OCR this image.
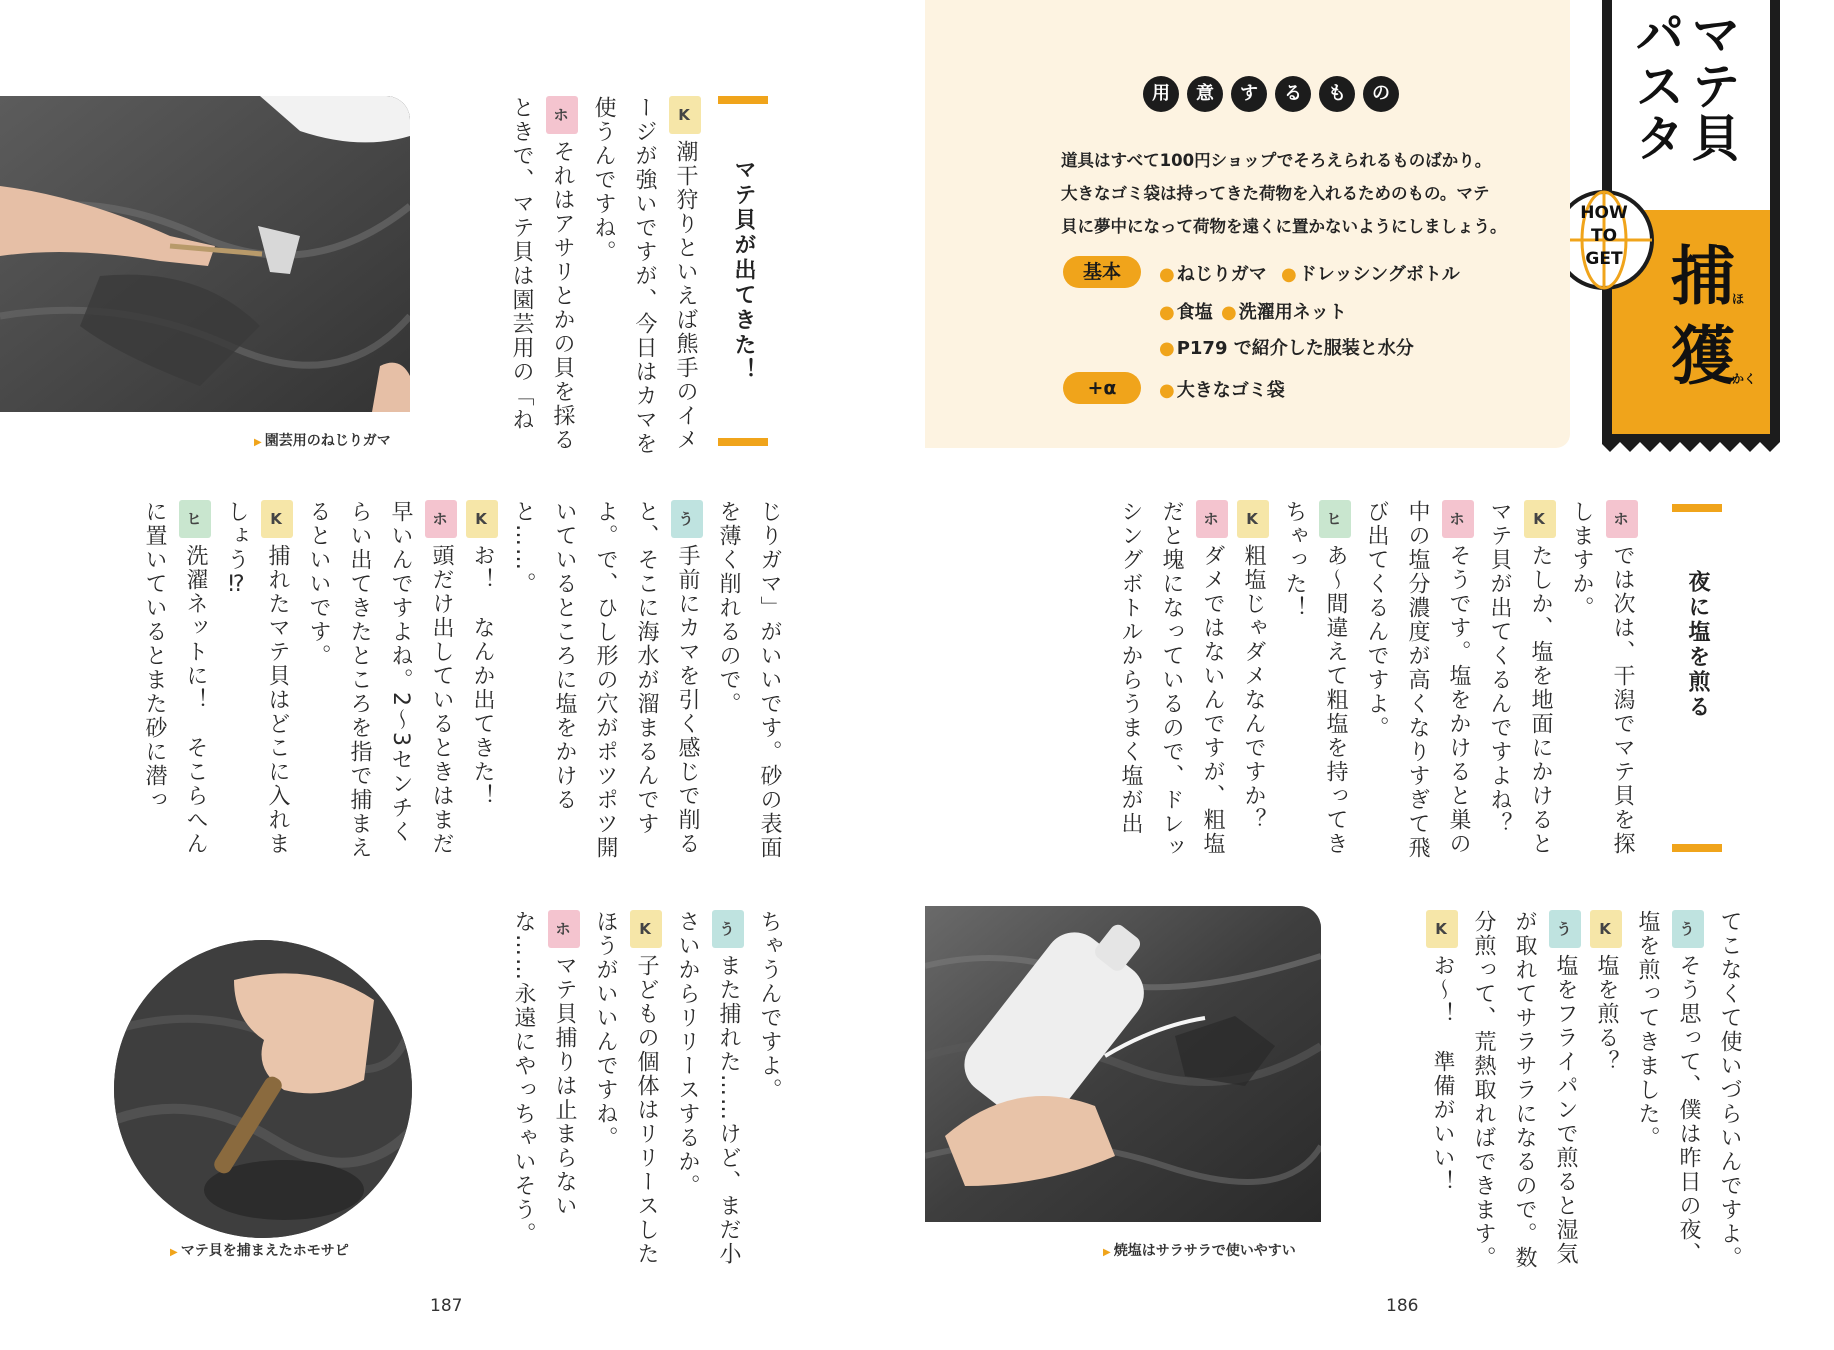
マテ貝
パスタ
捕
ほ
獲
かく
HOW
TO
GET
用 意 す る も の
道具はすべて100円ショップでそろえられるものばかり。
大きなゴミ袋は持ってきた荷物を入れるためのもの。マテ
貝に夢中になって荷物を遠くに置かないようにしましょう。
基本	● ねじりガマ ● ドレッシングボトル
● 食塩 ● 洗濯用ネット
● P179 で紹介した服装と水分
+α	● 大きなゴミ袋
夜に塩を煎る
ホでは次は、干潟でマテ貝を探しますか。
Kたしか、塩を地面にかけるとマテ貝が出てくるんですよね？
ホそうです。塩をかけると巣の中の塩分濃度が高くなりすぎて飛び出てくるんですよ。
ヒあ～間違えて粗塩を持ってきちゃった！
K粗塩じゃダメなんですか？
ホダメではないんですが、粗塩だと塊になっているので、ドレッシングボトルからうまく塩が出
てこなくて使いづらいんですよ。
うそう思って、僕は昨日の夜、塩を煎ってきました。
K塩を煎る？
う塩をフライパンで煎ると湿気が取れてサラサラになるので。数分煎って、荒熱取ればできます。
Kお～！　準備がいい！
▶ 焼塩はサラサラで使いやすい
186
▶ 園芸用のねじりガマ
マテ貝が出てきた！
K潮干狩りといえば熊手のイメージが強いですが、今日はカマを使うんですね。
ホそれはアサリとかの貝を採るときで、マテ貝は園芸用の「ね
じりガマ」がいいです。砂の表面を薄く削れるので。
う手前にカマを引く感じで削ると、そこに海水が溜まるんですよ。で、ひし形の穴がポツポツ開いているところに塩をかけると……。
Kお！　なんか出てきた！
ホ頭だけ出しているときはまだ早いんですよね。2～3センチくらい出てきたところを指で捕まえるといいです。
K捕れたマテ貝はどこに入れましょう⁉
ヒ洗濯ネットに！　そこらへんに置いているとまた砂に潜っ
ちゃうんですよ。
うまた捕れた……けど、まだ小さいからリリースするか。
K子どもの個体はリリースしたほうがいいんですね。
ホマテ貝捕りは止まらないな……永遠にやっちゃいそう。
▶ マテ貝を捕まえたホモサピ
187
